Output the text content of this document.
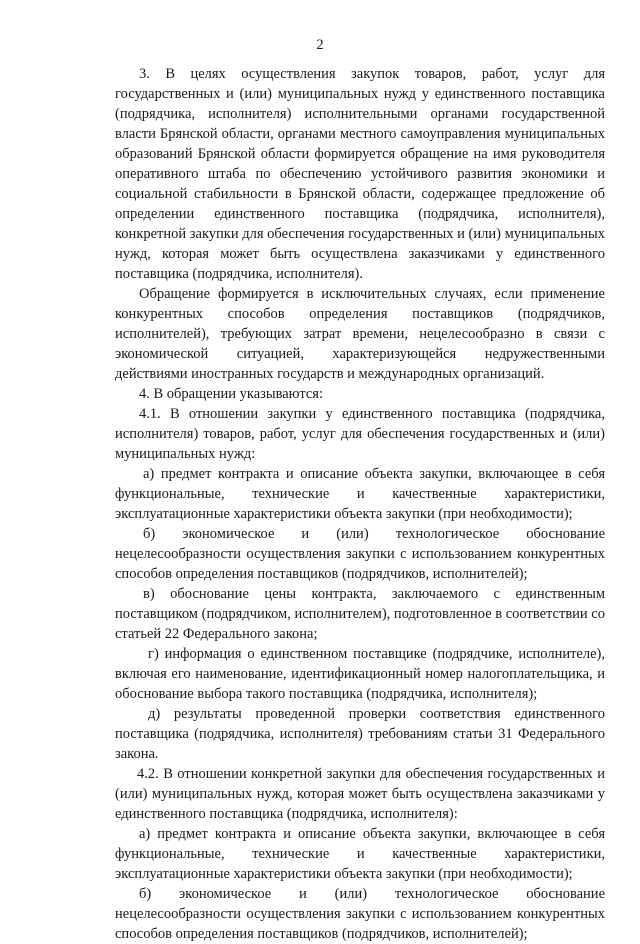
2

3. В целях осуществления закупок товаров, работ, услуг для государственных и (или) муниципальных нужд у единственного поставщика (подрядчика, исполнителя) исполнительными органами государственной власти Брянской области, органами местного самоуправления муниципальных образований Брянской области формируется обращение на имя руководителя оперативного штаба по обеспечению устойчивого развития экономики и социальной стабильности в Брянской области, содержащее предложение об определении единственного поставщика (подрядчика, исполнителя), конкретной закупки для обеспечения государственных и (или) муниципальных нужд, которая может быть осуществлена заказчиками у единственного поставщика (подрядчика, исполнителя).

Обращение формируется в исключительных случаях, если применение конкурентных способов определения поставщиков (подрядчиков, исполнителей), требующих затрат времени, нецелесообразно в связи с экономической ситуацией, характеризующейся недружественными действиями иностранных государств и международных организаций.

4. В обращении указываются:

4.1. В отношении закупки у единственного поставщика (подрядчика, исполнителя) товаров, работ, услуг для обеспечения государственных и (или) муниципальных нужд:

а) предмет контракта и описание объекта закупки, включающее в себя функциональные, технические и качественные характеристики, эксплуатационные характеристики объекта закупки (при необходимости);

б) экономическое и (или) технологическое обоснование нецелесообразности осуществления закупки с использованием конкурентных способов определения поставщиков (подрядчиков, исполнителей);

в) обоснование цены контракта, заключаемого с единственным поставщиком (подрядчиком, исполнителем), подготовленное в соответствии со статьей 22 Федерального закона;

г) информация о единственном поставщике (подрядчике, исполнителе), включая его наименование, идентификационный номер налогоплательщика, и обоснование выбора такого поставщика (подрядчика, исполнителя);

д) результаты проведенной проверки соответствия единственного поставщика (подрядчика, исполнителя) требованиям статьи 31 Федерального закона.

4.2. В отношении конкретной закупки для обеспечения государственных и (или) муниципальных нужд, которая может быть осуществлена заказчиками у единственного поставщика (подрядчика, исполнителя):

а) предмет контракта и описание объекта закупки, включающее в себя функциональные, технические и качественные характеристики, эксплуатационные характеристики объекта закупки (при необходимости);

б) экономическое и (или) технологическое обоснование нецелесообразности осуществления закупки с использованием конкурентных способов определения поставщиков (подрядчиков, исполнителей);
